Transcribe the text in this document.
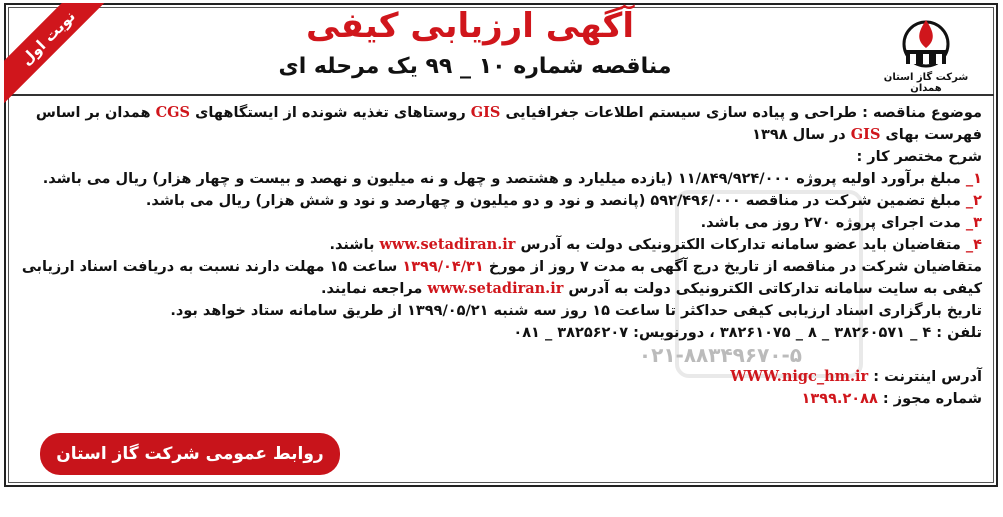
نوبت اول	آگهی ارزیابی کیفی
مناقصه شماره ۱۰ _ ۹۹ یک مرحله ای	شرکت گاز استان همدان
موضوع مناقصه : طراحی و پیاده سازی سیستم اطلاعات جغرافیایی GIS روستاهای تغذیه شونده از ایستگاههای CGS همدان بر اساس
فهرست بهای GIS در سال ۱۳۹۸
شرح مختصر کار :
۱_ مبلغ برآورد اولیه پروژه ۱۱/۸۴۹/۹۲۴/۰۰۰ (یازده میلیارد و هشتصد و چهل و نه میلیون و نهصد و بیست و چهار هزار) ریال می باشد.
۲_ مبلغ تضمین شرکت در مناقصه ۵۹۲/۴۹۶/۰۰۰ (پانصد و نود و دو میلیون و چهارصد و نود و شش هزار) ریال می باشد.
۳_ مدت اجرای پروژه ۲۷۰ روز می باشد.
۴_ متقاضیان باید عضو سامانه تدارکات الکترونیکی دولت به آدرس www.setadiran.ir باشند.
متقاضیان شرکت در مناقصه از تاریخ درج آگهی به مدت ۷ روز از مورخ ۱۳۹۹/۰۴/۳۱ ساعت ۱۵ مهلت دارند نسبت به دریافت اسناد ارزیابی
کیفی به سایت سامانه تدارکاتی الکترونیکی دولت به آدرس www.setadiran.ir مراجعه نمایند.
تاریخ بارگزاری اسناد ارزیابی کیفی حداکثر تا ساعت ۱۵ روز سه شنبه ۱۳۹۹/۰۵/۲۱ از طریق سامانه ستاد خواهد بود.
تلفن : ۴ _ ۳۸۲۶۰۵۷۱ _ ۸ _ ۳۸۲۶۱۰۷۵ ، دورنویس: ۳۸۲۵۶۲۰۷ _ ۰۸۱
۰۲۱-۸۸۳۴۹۶۷۰-۵
آدرس اینترنت : WWW.nigc_hm.ir
شماره مجوز : ۱۳۹۹.۲۰۸۸
روابط عمومی شرکت گاز استان همدان
